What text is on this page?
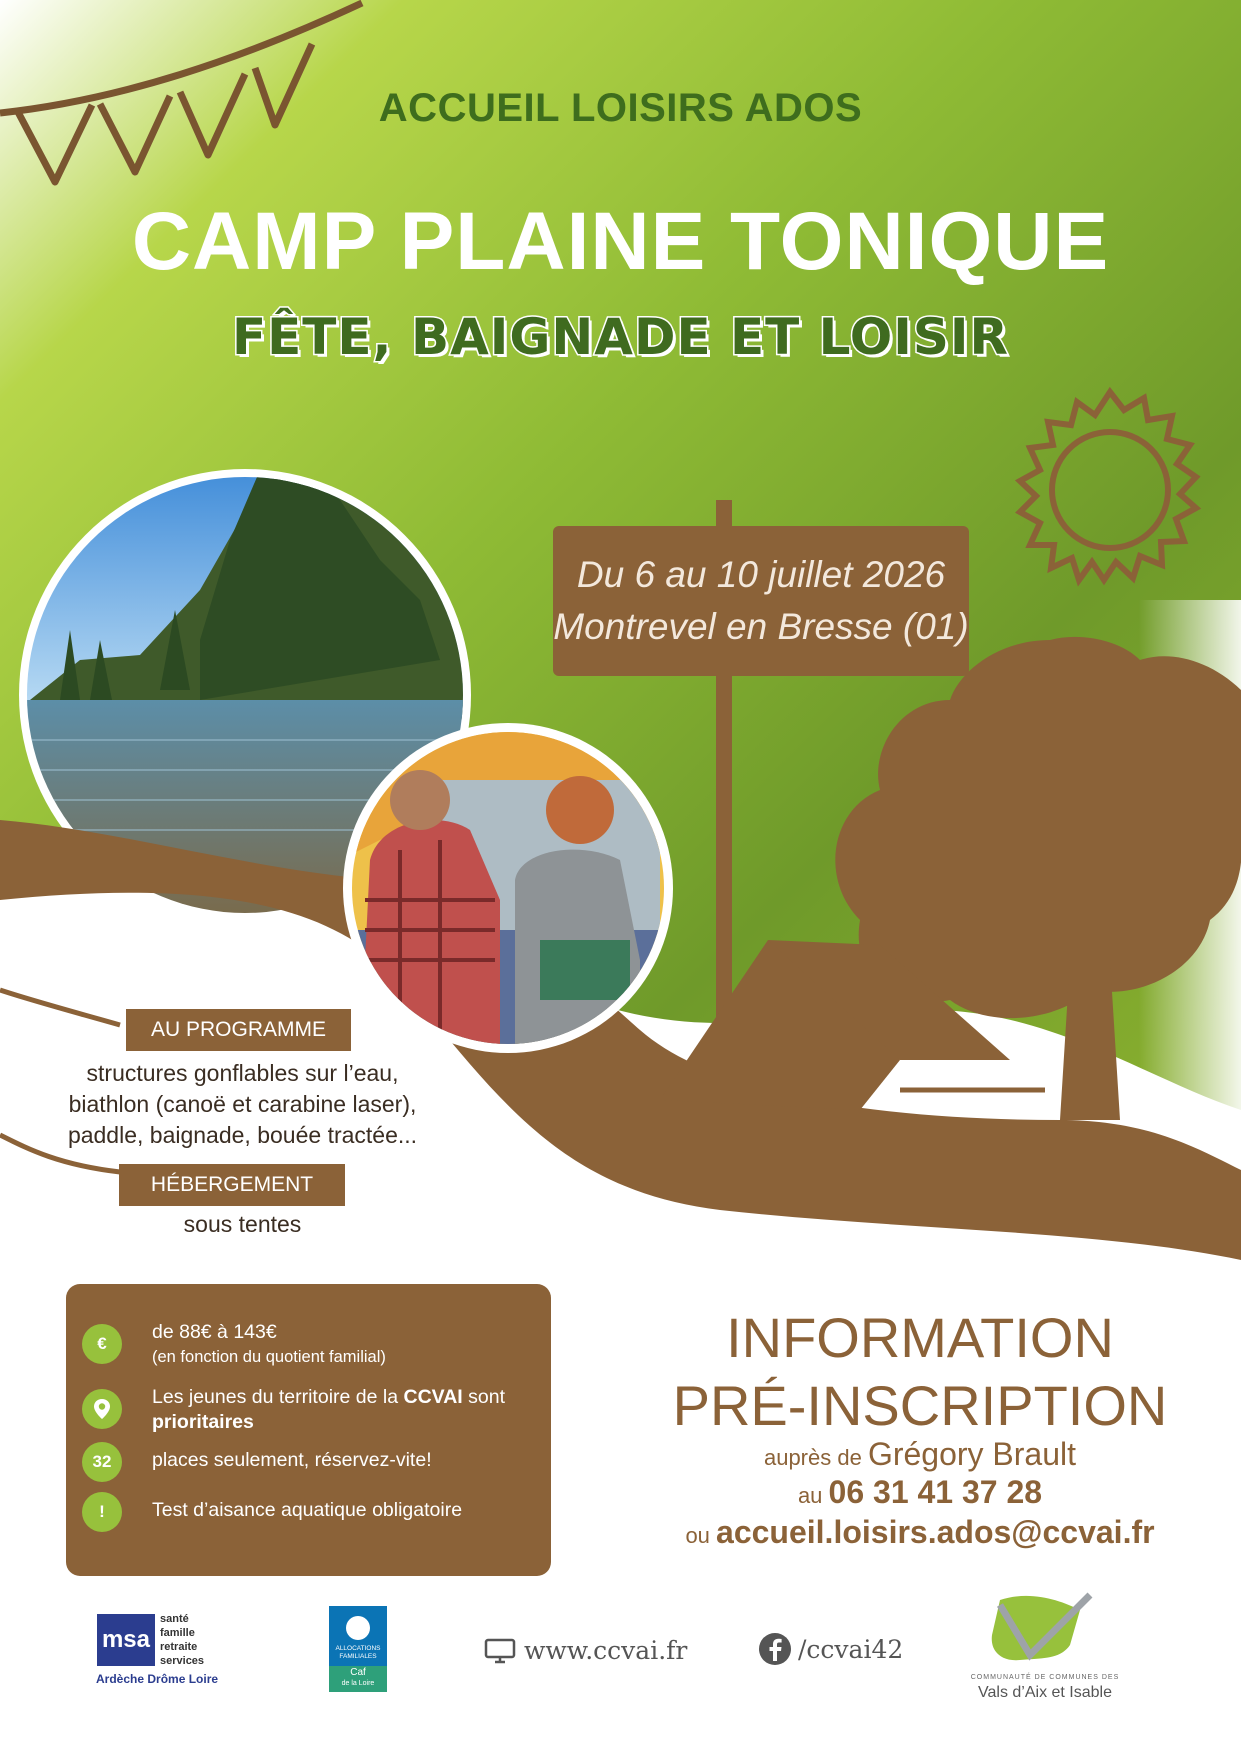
ACCUEIL LOISIRS ADOS
CAMP PLAINE TONIQUE
FÊTE, BAIGNADE ET LOISIR
Du 6 au 10 juillet 2026
Montrevel en Bresse (01)
AU PROGRAMME
structures gonflables sur l’eau,
biathlon (canoë et carabine laser),
paddle, baignade, bouée tractée...
HÉBERGEMENT
sous tentes
€
de 88€ à 143€
(en fonction du quotient familial)
Les jeunes du territoire de la CCVAI sont
prioritaires
32	places seulement, réservez-vite!
!	Test d’aisance aquatique obligatoire
INFORMATION
PRÉ-INSCRIPTION
auprès de Grégory Brault
au 06 31 41 37 28
ou accueil.loisirs.ados@ccvai.fr
msa
santé
famille
retraite
services
Ardèche Drôme Loire
ALLOCATIONS
FAMILIALES
Caf
de la Loire
www.ccvai.fr	/ccvai42
COMMUNAUTÉ DE COMMUNES DES
Vals d’Aix et Isable
